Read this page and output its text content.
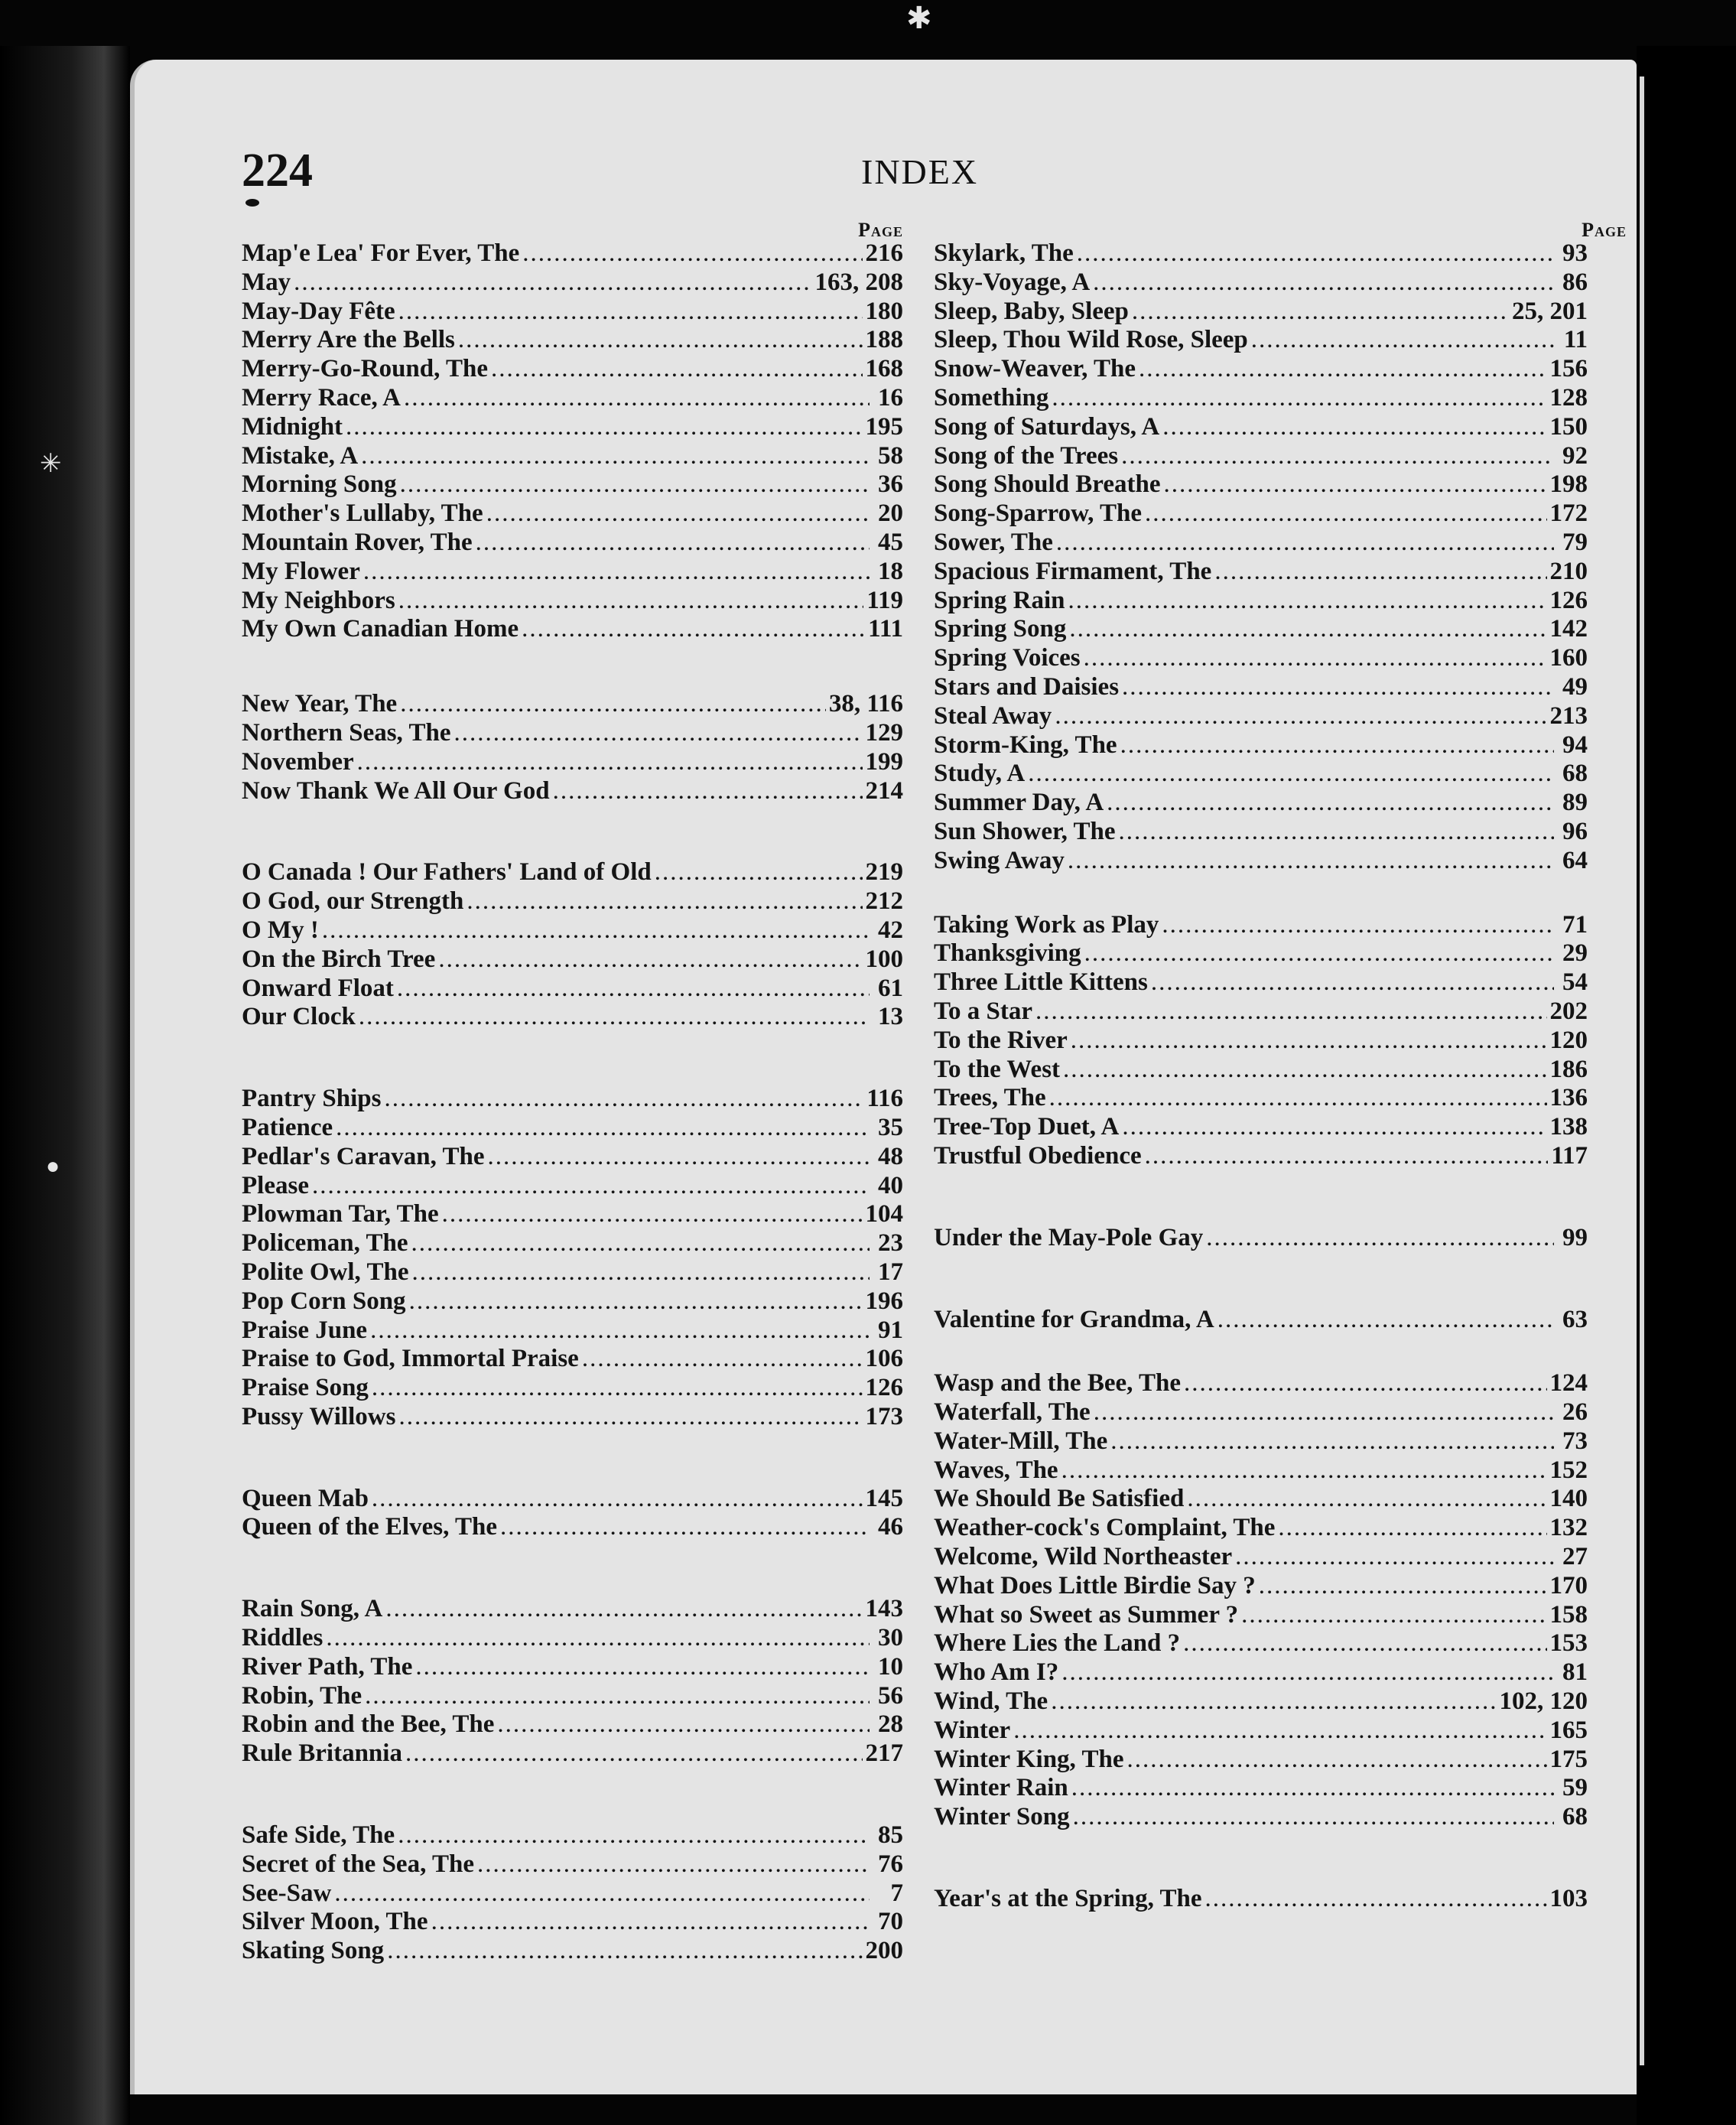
✱
✳
●
224	INDEX
Page
Map'e Lea' For Ever, The .....	216
May .....	163, 208
May-Day Fête .....	180
Merry Are the Bells .....	188
Merry-Go-Round, The .....	168
Merry Race, A .....	16
Midnight .....	195
Mistake, A .....	58
Morning Song .....	36
Mother's Lullaby, The .....	20
Mountain Rover, The .....	45
My Flower .....	18
My Neighbors .....	119
My Own Canadian Home .....	111
New Year, The .....	38, 116
Northern Seas, The .....	129
November .....	199
Now Thank We All Our God .....	214
O Canada ! Our Fathers' Land of Old .....	219
O God, our Strength .....	212
O My ! .....	42
On the Birch Tree .....	100
Onward Float .....	61
Our Clock .....	13
Pantry Ships .....	116
Patience .....	35
Pedlar's Caravan, The .....	48
Please .....	40
Plowman Tar, The .....	104
Policeman, The .....	23
Polite Owl, The .....	17
Pop Corn Song .....	196
Praise June .....	91
Praise to God, Immortal Praise .....	106
Praise Song .....	126
Pussy Willows .....	173
Queen Mab .....	145
Queen of the Elves, The .....	46
Rain Song, A .....	143
Riddles .....	30
River Path, The .....	10
Robin, The .....	56
Robin and the Bee, The .....	28
Rule Britannia .....	217
Safe Side, The .....	85
Secret of the Sea, The .....	76
See-Saw .....	7
Silver Moon, The .....	70
Skating Song .....	200
Page
Skylark, The .....	93
Sky-Voyage, A .....	86
Sleep, Baby, Sleep .....	25, 201
Sleep, Thou Wild Rose, Sleep .....	11
Snow-Weaver, The .....	156
Something .....	128
Song of Saturdays, A .....	150
Song of the Trees .....	92
Song Should Breathe .....	198
Song-Sparrow, The .....	172
Sower, The .....	79
Spacious Firmament, The .....	210
Spring Rain .....	126
Spring Song .....	142
Spring Voices .....	160
Stars and Daisies .....	49
Steal Away .....	213
Storm-King, The .....	94
Study, A .....	68
Summer Day, A .....	89
Sun Shower, The .....	96
Swing Away .....	64
Taking Work as Play .....	71
Thanksgiving .....	29
Three Little Kittens .....	54
To a Star .....	202
To the River .....	120
To the West .....	186
Trees, The .....	136
Tree-Top Duet, A .....	138
Trustful Obedience .....	117
Under the May-Pole Gay .....	99
Valentine for Grandma, A .....	63
Wasp and the Bee, The .....	124
Waterfall, The .....	26
Water-Mill, The .....	73
Waves, The .....	152
We Should Be Satisfied .....	140
Weather-cock's Complaint, The .....	132
Welcome, Wild Northeaster .....	27
What Does Little Birdie Say ? .....	170
What so Sweet as Summer ? .....	158
Where Lies the Land ? .....	153
Who Am I? .....	81
Wind, The .....	102, 120
Winter .....	165
Winter King, The .....	175
Winter Rain .....	59
Winter Song .....	68
Year's at the Spring, The .....	103
